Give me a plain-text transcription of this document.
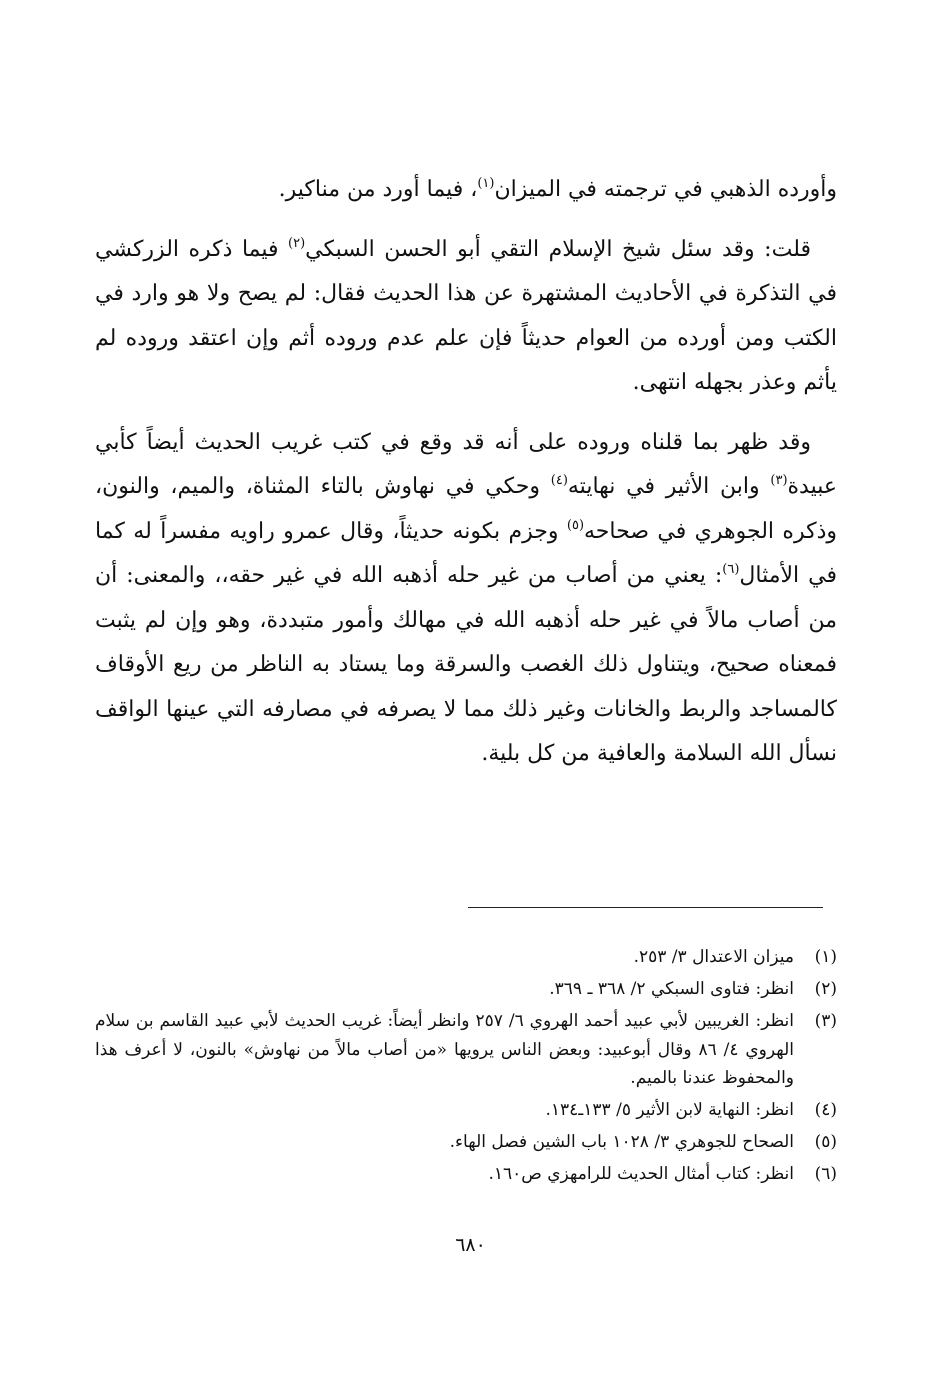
وأورده الذهبي في ترجمته في الميزان$^{(١)}$، فيما أورد من مناكير.

قلت: وقد سئل شيخ الإسلام التقي أبو الحسن السبكي$^{(٢)}$ فيما ذكره الزركشي في التذكرة في الأحاديث المشتهرة عن هذا الحديث فقال: لم يصح ولا هو وارد في الكتب ومن أورده من العوام حديثاً فإن علم عدم وروده أثم وإن اعتقد وروده لم يأثم وعذر بجهله انتهى.

وقد ظهر بما قلناه وروده على أنه قد وقع في كتب غريب الحديث أيضاً كأبي عبيدة$^{(٣)}$ وابن الأثير في نهايته$^{(٤)}$ وحكي في نهاوش بالتاء المثناة، والميم، والنون، وذكره الجوهري في صحاحه$^{(٥)}$ وجزم بكونه حديثاً، وقال عمرو راويه مفسراً له كما في الأمثال$^{(٦)}$: يعني من أصاب من غير حله أذهبه الله في غير حقه،، والمعنى: أن من أصاب مالاً في غير حله أذهبه الله في مهالك وأمور متبددة، وهو وإن لم يثبت فمعناه صحيح، ويتناول ذلك الغصب والسرقة وما يستاد به الناظر من ريع الأوقاف كالمساجد والربط والخانات وغير ذلك مما لا يصرفه في مصارفه التي عينها الواقف نسأل الله السلامة والعافية من كل بلية.

(١)
ميزان الاعتدال ٣/ ٢٥٣.
(٢)
انظر: فتاوى السبكي ٢/ ٣٦٨ ـ ٣٦٩.
(٣)
انظر: الغريبين لأبي عبيد أحمد الهروي ٦/ ٢٥٧ وانظر أيضاً: غريب الحديث لأبي عبيد القاسم بن سلام الهروي ٤/ ٨٦ وقال أبوعبيد: وبعض الناس يرويها «من أصاب مالاً من نهاوش» بالنون، لا أعرف هذا والمحفوظ عندنا بالميم.
(٤)
انظر: النهاية لابن الأثير ٥/ ١٣٣ـ١٣٤.
(٥)
الصحاح للجوهري ٣/ ١٠٢٨ باب الشين فصل الهاء.
(٦)
انظر: كتاب أمثال الحديث للرامهزي ص١٦٠.
٦٨٠
